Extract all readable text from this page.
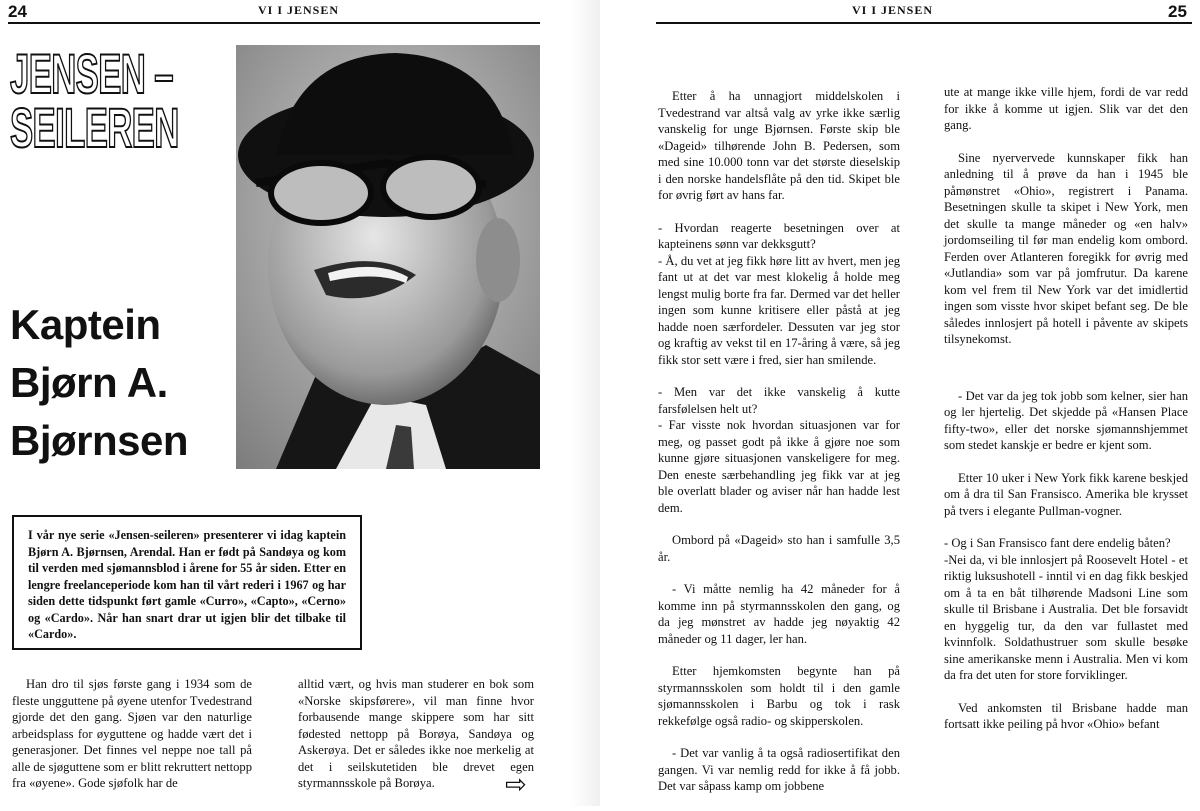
24	VI I JENSEN
JENSEN –
SEILEREN
Kaptein
Bjørn A.
Bjørnsen
I vår nye serie «Jensen-seileren» presenterer vi idag kaptein Bjørn A. Bjørnsen, Arendal. Han er født på Sandøya og kom til verden med sjømannsblod i årene for 55 år siden. Etter en lengre freelanceperiode kom han til vårt rederi i 1967 og har siden dette tidspunkt ført gamle «Curro», «Capto», «Cerno» og «Cardo». Når han snart drar ut igjen blir det tilbake til «Cardo».

Han dro til sjøs første gang i 1934 som de fleste ungguttene på øyene utenfor Tvedestrand gjorde det den gang. Sjøen var den naturlige arbeidsplass for øyguttene og hadde vært det i generasjoner. Det finnes vel neppe noe tall på alle de sjøguttene som er blitt rekruttert nettopp fra «øyene». Gode sjøfolk har de

alltid vært, og hvis man studerer en bok som «Norske skipsførere», vil man finne hvor forbausende mange skippere som har sitt fødested nettopp på Borøya, Sandøya og Askerøya. Det er således ikke noe merkelig at det i seilskutetiden ble drevet egen styrmannsskole på Borøya.	⇨
VI I JENSEN	25

Etter å ha unnagjort middelskolen i Tvedestrand var altså valg av yrke ikke særlig vanskelig for unge Bjørnsen. Første skip ble «Dageid» tilhørende John B. Pedersen, som med sine 10.000 tonn var det største dieselskip i den norske handelsflåte på den tid. Skipet ble for øvrig ført av hans far.

- Hvordan reagerte besetningen over at kapteinens sønn var dekksgutt?
- Å, du vet at jeg fikk høre litt av hvert, men jeg fant ut at det var mest klokelig å holde meg lengst mulig borte fra far. Dermed var det heller ingen som kunne kritisere eller påstå at jeg hadde noen særfordeler. Dessuten var jeg stor og kraftig av vekst til en 17-åring å være, så jeg fikk stor sett være i fred, sier han smilende.

- Men var det ikke vanskelig å kutte farsfølelsen helt ut?
- Far visste nok hvordan situasjonen var for meg, og passet godt på ikke å gjøre noe som kunne gjøre situasjonen vanskeligere for meg. Den eneste særbehandling jeg fikk var at jeg ble overlatt blader og aviser når han hadde lest dem.

Ombord på «Dageid» sto han i samfulle 3,5 år.

- Vi måtte nemlig ha 42 måneder for å komme inn på styrmannsskolen den gang, og da jeg mønstret av hadde jeg nøyaktig 42 måneder og 11 dager, ler han.

Etter hjemkomsten begynte han på styrmannsskolen som holdt til i den gamle sjømannsskolen i Barbu og tok i rask rekkefølge også radio- og skipperskolen.

- Det var vanlig å ta også radiosertifikat den gangen. Vi var nemlig redd for ikke å få jobb. Det var såpass kamp om jobbene

ute at mange ikke ville hjem, fordi de var redd for ikke å komme ut igjen. Slik var det den gang.

Sine nyervervede kunnskaper fikk han anledning til å prøve da han i 1945 ble påmønstret «Ohio», registrert i Panama. Besetningen skulle ta skipet i New York, men det skulle ta mange måneder og «en halv» jordomseiling til før man endelig kom ombord. Ferden over Atlanteren foregikk for øvrig med «Jutlandia» som var på jomfrutur. Da karene kom vel frem til New York var det imidlertid ingen som visste hvor skipet befant seg. De ble således innlosjert på hotell i påvente av skipets tilsynekomst.

- Det var da jeg tok jobb som kelner, sier han og ler hjertelig. Det skjedde på «Hansen Place fifty-two», eller det norske sjømannshjemmet som stedet kanskje er bedre er kjent som.

Etter 10 uker i New York fikk karene beskjed om å dra til San Fransisco. Amerika ble krysset på tvers i elegante Pullman-vogner.

- Og i San Fransisco fant dere endelig båten?
-Nei da, vi ble innlosjert på Roosevelt Hotel - et riktig luksushotell - inntil vi en dag fikk beskjed om å ta en båt tilhørende Madsoni Line som skulle til Brisbane i Australia. Det ble forsavidt en hyggelig tur, da den var fullastet med kvinnfolk. Soldathustruer som skulle besøke sine amerikanske menn i Australia. Men vi kom da fra det uten for store forviklinger.

Ved ankomsten til Brisbane hadde man fortsatt ikke peiling på hvor «Ohio» befant
